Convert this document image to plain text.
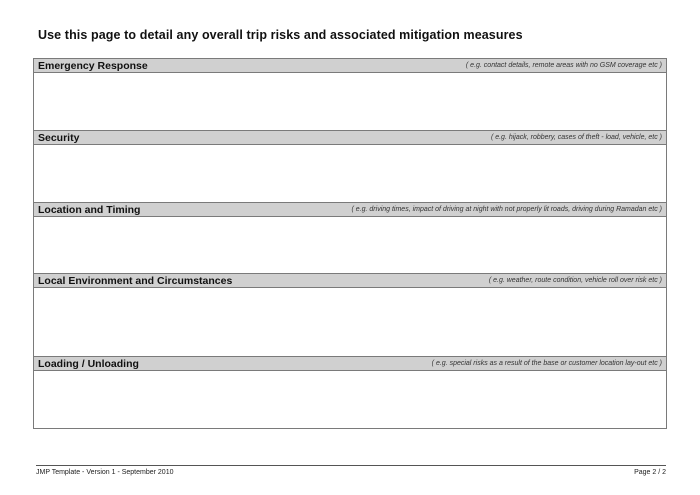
Use this page to detail any overall trip risks and associated mitigation measures
Emergency Response	( e.g. contact details, remote areas with no GSM coverage etc )
Security	( e.g. hijack, robbery, cases of theft - load, vehicle, etc )
Location and Timing	( e.g. driving times, impact of driving at night with not properly lit roads, driving during Ramadan etc )
Local Environment and Circumstances	( e.g. weather, route condition, vehicle roll over risk etc )
Loading / Unloading	( e.g. special risks as a result of the base or customer location lay-out etc )
JMP Template - Version 1 - September 2010	Page 2 / 2
